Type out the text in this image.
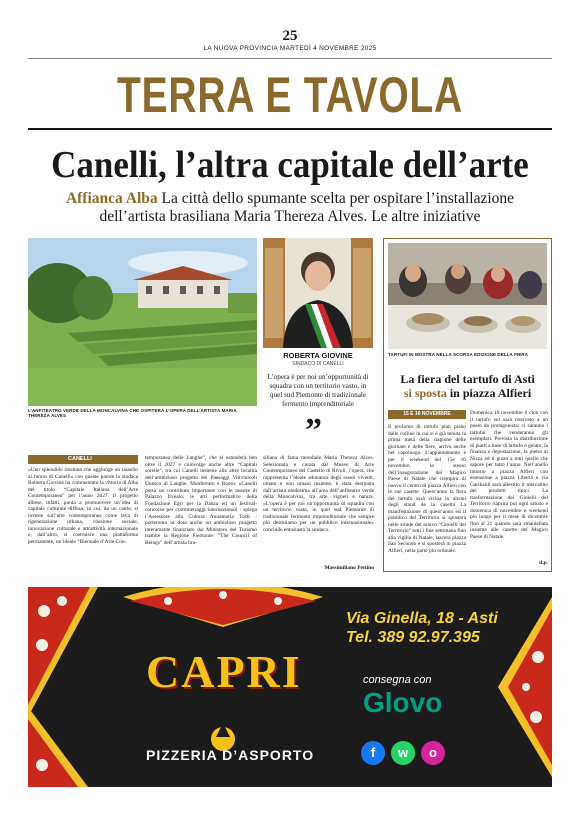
25
LA NUOVA PROVINCIA MARTEDÌ 4 NOVEMBRE 2025
TERRA E TAVOLA
Canelli, l’altra capitale dell’arte
Affianca Alba La città dello spumante scelta per ospitare l’installazione dell’artista brasiliana Maria Thereza Alves. Le altre iniziative
L’ANFITEATRO VERDE DELLA MONCALVINA CHE OSPITERÀ L’OPERA DELL’ARTISTA MARIA THEREZA ALVES
ROBERTA GIOVINE
SINDACO DI CANELLI
L’opera è per noi un’opportunità di squadra con un territorio vasto, in quel sud Piemonte di tradizionale fermento imprenditoriale
”
TARTUFI IN MOSTRA NELLA SCORSA EDIZIONE DELLA FIERA
La fiera del tartufo di Asti
si sposta in piazza Alfieri
15 E 16 NOVEMBRE
Il profumo di tartufo pian piano dalle colline in cui si è già tenuta la prima metà della stagione delle giornate e delle fiere, arriva anche nel capoluogo. L’appuntamento è per il weekend del 15e 16 novembre, lo stesso dell’inaugurazione del Magico Paese di Natale che riempirà di nuovo il centro di piazza Alfieri con le sue casette. Quest’anno la fiera del tartufo sarà vicina in alcuni degli stand de la casetta La manifestazione di quest’anno ed il pubblico del Territorio si sposterà nelle strade del nuovo “Gioielli del Territorio” tutti i fine settimana fino alla vigilia di Natale, lascerà piazza San Secondo e si sposterà in piazza Alfieri, nella parte più ordinale.
Domenica 16 novembre il clou con il tartufo sul sarà riservato a un posto da protagonista: ci saranno i tartufai che venderanno gli esemplari. Prevista la distribuzione di piatti a base di tartufo e gelato, la finanza e degustazione, la pietra di Nizza ed il gusto a tutti quello che sapore per tutto l’anno. Nell’anello intorno a piazza Alfieri con estensione a piazza Libertà e via Garibaldi sarà allestito il mercatino dei prodotti tipici. La trasformazione dei Gioielli del Territorio riaprirà poi ogni sabato e domenica di novembre e weekend più lungo per il mese di dicembre fino al 21 quando sarà smantellata insieme alle casette del Magico Paese di Natale.
d.p.
CANELLI
«Uno splendido risultato che aggiunge un tassello al futuro di Canelli» con queste parole la sindaca Roberta Giovine ha commentato la vittoria di Alba del titolo “Capitale Italiana dell’Arte Contemporanea” per l’anno 2027. Il progetto albese, infatti, punta a promuovere un’idea di capitale culturale diffusa, in cui, da un canto, si investe sull’arte contemporanea come leva di rigenerazione urbana, coesione sociale, innovazione culturale e attrattività internazionale e, dall’altro, si costruisce una piattaforma permanente, un’ideale “Biennale d’Arte Con-
temporanea delle Langhe”, che si estenderà ben oltre il 2027 e coinvolge anche altre “Capitali sorelle”, tra cui Canelli insieme alle altre località dell’ambizioso progetto dei Paesaggi Vitivinicoli Unesco di Langhe, Monferrato e Roero. «Canelli porta un contributo importante con le mostre di Palazzo Irvealo; le arti performative della Fondazione Egri per la Danza ed un festival-concorso per cortometraggi internazionali - spiega l’Assessore alla Cultura Annamaria Tosti - porteremo in dote anche un ambizioso progetto interamente finanziato dal Ministero del Turismo tramite la Regione Piemonte: “The Council of Beings” dell’artista bra-
siliana di fama mondiale Maria Thereza Alves. Selezionata e curata dal Museo di Arte Contemporaneo del Castello di Rivoli, l’opera, che rappresenta l’ideale adunanza degli esseri viventi, umani e non umani insieme, è stata destinata dall’artista medesima all’area dell’anfiteatro verde della Moncalvina, tra arte, vigneti e natura. «L’opera è per noi un’opportunità di squadra con un territorio vasto, in quel sud Piemonte di tradizionale fermento imprenditoriale che sempre più destiniamo per un pubblico internazionale» conclude entusiasta la sindaca.
Massimiliano Pettino
CAPRI
PIZZERIA D’ASPORTO
Via Ginella, 18 - Asti
Tel. 389 92.97.395
consegna con
Glovo
f	w	o
